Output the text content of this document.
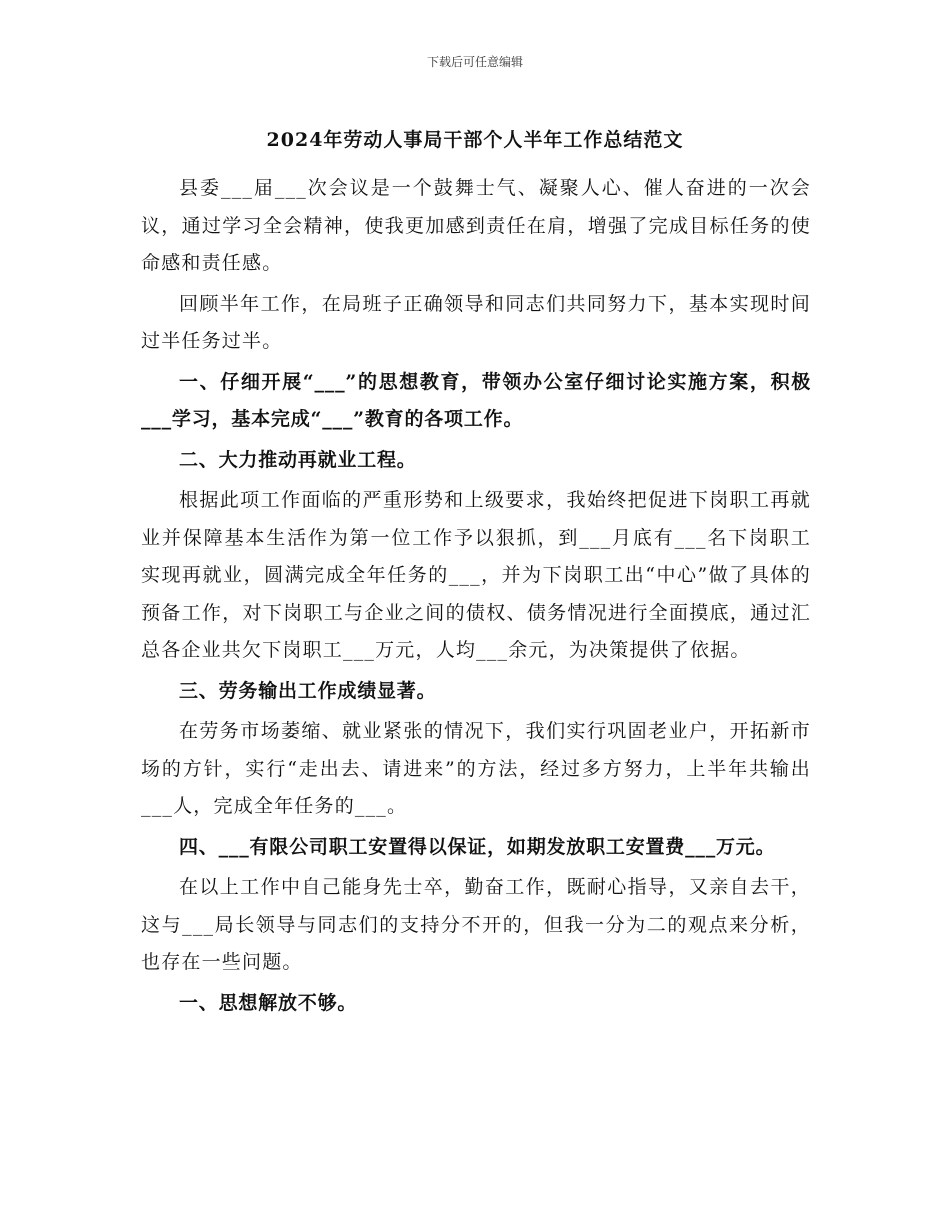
下载后可任意编辑
2024年劳动人事局干部个人半年工作总结范文

县委___届___次会议是一个鼓舞士气、凝聚人心、催人奋进的一次会议，通过学习全会精神，使我更加感到责任在肩，增强了完成目标任务的使命感和责任感。

回顾半年工作，在局班子正确领导和同志们共同努力下，基本实现时间过半任务过半。

一、仔细开展“___”的思想教育，带领办公室仔细讨论实施方案，积极___学习，基本完成“___”教育的各项工作。

二、大力推动再就业工程。

根据此项工作面临的严重形势和上级要求，我始终把促进下岗职工再就业并保障基本生活作为第一位工作予以狠抓，到___月底有___名下岗职工实现再就业，圆满完成全年任务的___，并为下岗职工出“中心”做了具体的预备工作，对下岗职工与企业之间的债权、债务情况进行全面摸底，通过汇总各企业共欠下岗职工___万元，人均___余元，为决策提供了依据。

三、劳务输出工作成绩显著。

在劳务市场萎缩、就业紧张的情况下，我们实行巩固老业户，开拓新市场的方针，实行“走出去、请进来”的方法，经过多方努力，上半年共输出___人，完成全年任务的___。

四、___有限公司职工安置得以保证，如期发放职工安置费___万元。

在以上工作中自己能身先士卒，勤奋工作，既耐心指导，又亲自去干，这与___局长领导与同志们的支持分不开的，但我一分为二的观点来分析，也存在一些问题。

一、思想解放不够。
